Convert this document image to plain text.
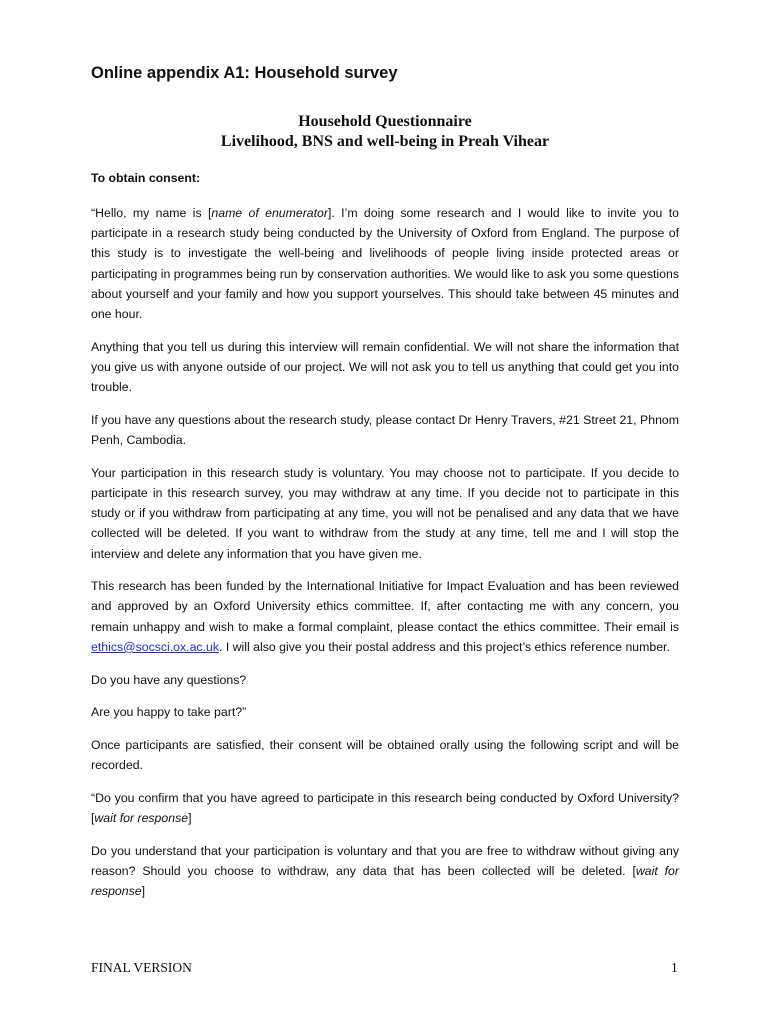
Online appendix A1: Household survey
Household Questionnaire
Livelihood, BNS and well-being in Preah Vihear
To obtain consent:

“Hello, my name is [name of enumerator]. I’m doing some research and I would like to invite you to participate in a research study being conducted by the University of Oxford from England. The purpose of this study is to investigate the well-being and livelihoods of people living inside protected areas or participating in programmes being run by conservation authorities. We would like to ask you some questions about yourself and your family and how you support yourselves. This should take between 45 minutes and one hour.

Anything that you tell us during this interview will remain confidential. We will not share the information that you give us with anyone outside of our project. We will not ask you to tell us anything that could get you into trouble.

If you have any questions about the research study, please contact Dr Henry Travers, #21 Street 21, Phnom Penh, Cambodia.

Your participation in this research study is voluntary. You may choose not to participate. If you decide to participate in this research survey, you may withdraw at any time. If you decide not to participate in this study or if you withdraw from participating at any time, you will not be penalised and any data that we have collected will be deleted. If you want to withdraw from the study at any time, tell me and I will stop the interview and delete any information that you have given me.

This research has been funded by the International Initiative for Impact Evaluation and has been reviewed and approved by an Oxford University ethics committee. If, after contacting me with any concern, you remain unhappy and wish to make a formal complaint, please contact the ethics committee. Their email is ethics@socsci.ox.ac.uk. I will also give you their postal address and this project’s ethics reference number.

Do you have any questions?

Are you happy to take part?”

Once participants are satisfied, their consent will be obtained orally using the following script and will be recorded.

“Do you confirm that you have agreed to participate in this research being conducted by Oxford University? [wait for response]

Do you understand that your participation is voluntary and that you are free to withdraw without giving any reason? Should you choose to withdraw, any data that has been collected will be deleted. [wait for response]

FINAL VERSION	1
